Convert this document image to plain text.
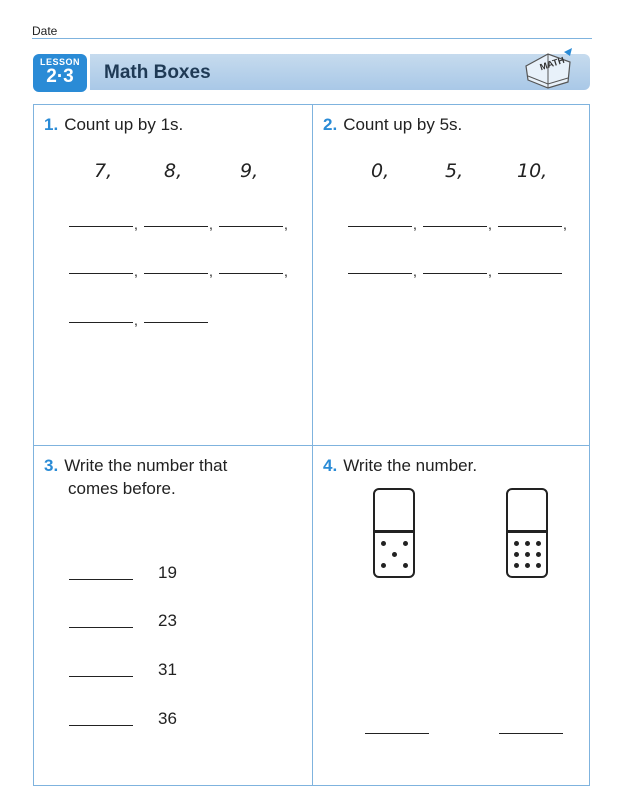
Date
LESSON
2·3	Math Boxes	MATH
1. Count up by 1s.
7,	8,	9,
,	,	,
,	,	,
,
2. Count up by 5s.
0,	5,	10,
,	,	,
,	,
3. Write the number that
comes before.
19
23
31
36
4. Write the number.
